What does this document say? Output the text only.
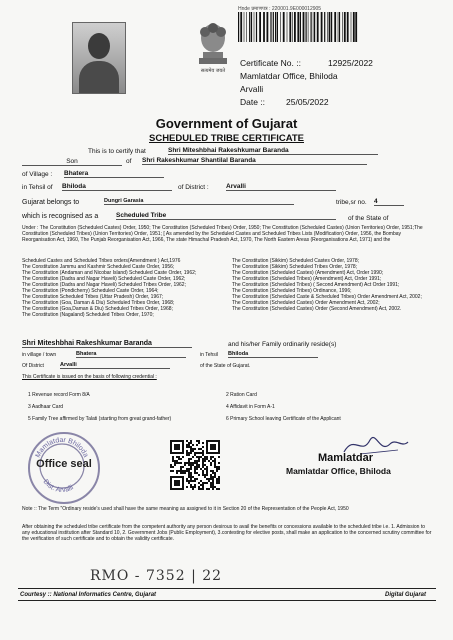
सत्यमेव जयते
Hnde प्रमाणपत्र : 220001.9E000012905
Certificate No. ::	12925/2022
Mamlatdar Office, Bhiloda
Arvalli
Date :: 25/05/2022
Government of Gujarat
SCHEDULED TRIBE CERTIFICATE
This is to certify that	Shri Miteshbhai Rakeshkumar Baranda
Son	of Shri Rakeshkumar Shantilal Baranda
of Village : Bhatera
in Tehsil of Bhiloda	of District :	Arvalli
Gujarat belongs to	Dungri Garasia	tribe,sr no. 4
which is recognised as a	Scheduled Tribe	of the State of
Under : The Constitution (Scheduled Castes) Order, 1950; The Constitution (Scheduled Tribes) Order, 1950; The Constitution (Scheduled Castes) (Union Territories) Order, 1951;The Constitution (Scheduled Tribes) (Union Territories) Order, 1951; [ As amended by the Scheduled Castes and Scheduled Tribes Lists (Modification) Order, 1956, the Bombay Reorganisation Act, 1960, The Punjab Reorganisation Act, 1966, The state Himachal Pradesh Act, 1970, The North Eastern Areas (Reorganisations Act, 1971) and the
Scheduled Castes and Scheduled Tribes orders(Amendment ) Act,1976
The Constitution Jammu and Kashmir Scheduled Caste Order, 1956;
The Constitution (Andaman and Nicobar Island) Scheduled Caste Order, 1962;
The Constitution (Dadra and Nagar Haveli) Scheduled Caste Order, 1962;
The Constitution (Dadra and Nagar Haveli) Scheduled Tribes Order, 1962;
The Constitution (Pondicherry) Scheduled Caste Order, 1964;
The Constitution Scheduled Tribes (Uttar Pradesh) Order, 1967;
The Constitution (Goa, Daman & Diu) Scheduled Tribes Order, 1968;
The Constitution (Goa,Daman & Diu) Scheduled Tribes Order, 1968;
The Constitution (Nagaland) Scheduled Tribes Order, 1970;
The Constitution (Sikkim) Scheduled Castes Order, 1978;
The Constitution (Sikkim) Scheduled Tribes Order, 1978;
The Constitution (Scheduled Castes) (Amendment) Act, Order 1990;
The Constitution (Scheduled Tribes) (Amendment) Act, Order 1991;
The Constitution (Scheduled Tribes) ( Second Amendment) Act Order 1991;
The Constitution (Scheduled Tribes) Ordinance, 1996;
The Constitution (Scheduled Caste & Scheduled Tribes) Order Amendment Act, 2002;
The Constitution (Scheduled Castes) Order Amendment Act, 2002;
The Constitution (Scheduled Castes) Order (Second Amendment) Act, 2002.
Shri Miteshbhai Rakeshkumar Baranda	and his/her Family ordinarily reside(s)
in village / town	Bhatera	in Tehsil Bhiloda
Of District	Arvalli	of the State of Gujarat.
This Certificate is issued on the basis of following credential :
1 Revenue record Form 8/A	2 Ration Card
3 Aadhaar Card	4 Affidavit in Form A-1
5 Family Tree affirmed by Talati (starting from great grand-father)	6 Primary School leaving Certificate of the Applicant
Mamlatdar Bhiloda
Dist. Arvalli
Office seal	Mamlatdar
Mamlatdar Office, Bhiloda
Note :: The Term "Ordinary reside's used shall have the same meaning as assigned to it in Section 20 of the Representation of the People Act, 1950
After obtaining the scheduled tribe certificate from the competent authority any person desirous to avail the benefits or concessions available to the scheduled tribe i.e. 1. Admission to any educational institution after Standard 10, 2. Government Jobs (Public Employment), 3.contesting for elective posts, shall make an application to the concerned scrutiny committee for the verification of such certificate and to obtain the validity certificate.
RMO - 7352 | 22
Courtesy :: National Informatics Centre, Gujarat	Digital Gujarat
